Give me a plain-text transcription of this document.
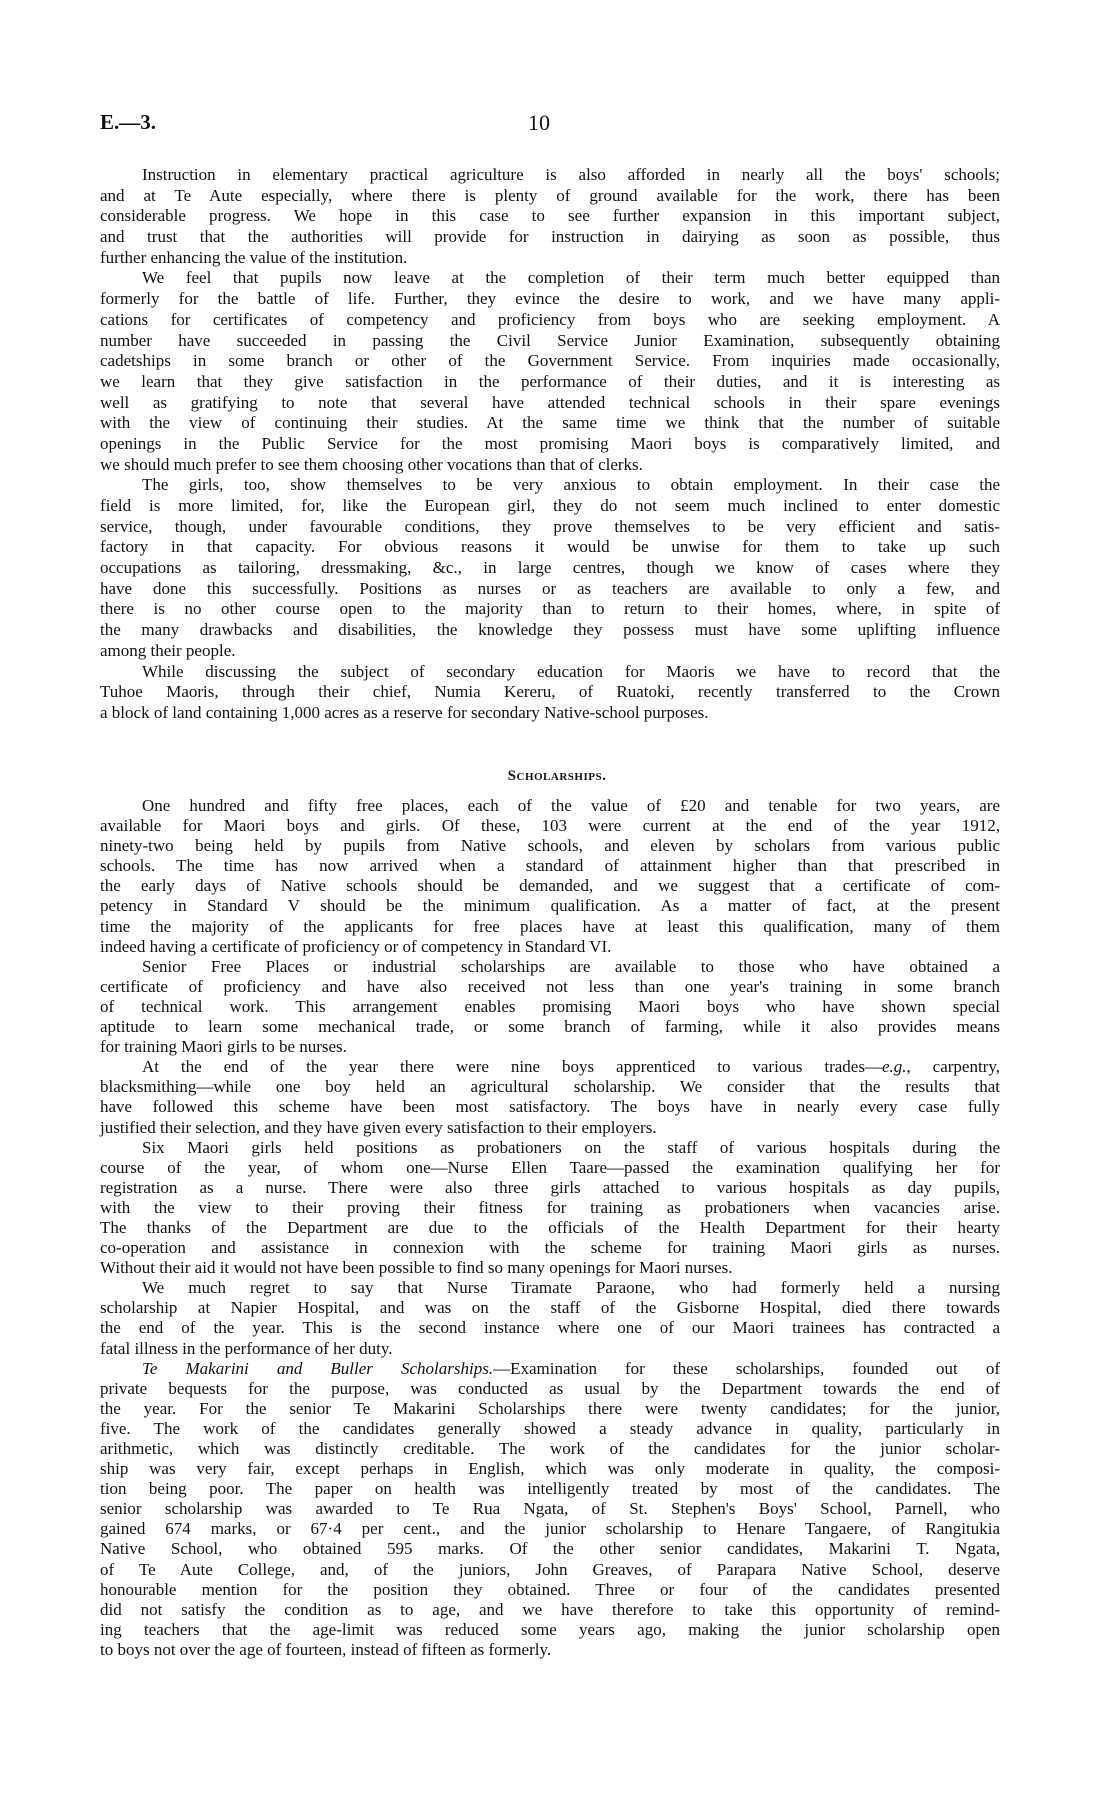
E.—3.	10
Instruction in elementary practical agriculture is also afforded in nearly all the boys' schools;
and at Te Aute especially, where there is plenty of ground available for the work, there has been
considerable progress. We hope in this case to see further expansion in this important subject,
and trust that the authorities will provide for instruction in dairying as soon as possible, thus
further enhancing the value of the institution.
We feel that pupils now leave at the completion of their term much better equipped than
formerly for the battle of life. Further, they evince the desire to work, and we have many appli-
cations for certificates of competency and proficiency from boys who are seeking employment. A
number have succeeded in passing the Civil Service Junior Examination, subsequently obtaining
cadetships in some branch or other of the Government Service. From inquiries made occasionally,
we learn that they give satisfaction in the performance of their duties, and it is interesting as
well as gratifying to note that several have attended technical schools in their spare evenings
with the view of continuing their studies. At the same time we think that the number of suitable
openings in the Public Service for the most promising Maori boys is comparatively limited, and
we should much prefer to see them choosing other vocations than that of clerks.
The girls, too, show themselves to be very anxious to obtain employment. In their case the
field is more limited, for, like the European girl, they do not seem much inclined to enter domestic
service, though, under favourable conditions, they prove themselves to be very efficient and satis-
factory in that capacity. For obvious reasons it would be unwise for them to take up such
occupations as tailoring, dressmaking, &c., in large centres, though we know of cases where they
have done this successfully. Positions as nurses or as teachers are available to only a few, and
there is no other course open to the majority than to return to their homes, where, in spite of
the many drawbacks and disabilities, the knowledge they possess must have some uplifting influence
among their people.
While discussing the subject of secondary education for Maoris we have to record that the
Tuhoe Maoris, through their chief, Numia Kereru, of Ruatoki, recently transferred to the Crown
a block of land containing 1,000 acres as a reserve for secondary Native-school purposes.
Scholarships.
One hundred and fifty free places, each of the value of £20 and tenable for two years, are
available for Maori boys and girls. Of these, 103 were current at the end of the year 1912,
ninety-two being held by pupils from Native schools, and eleven by scholars from various public
schools. The time has now arrived when a standard of attainment higher than that prescribed in
the early days of Native schools should be demanded, and we suggest that a certificate of com-
petency in Standard V should be the minimum qualification. As a matter of fact, at the present
time the majority of the applicants for free places have at least this qualification, many of them
indeed having a certificate of proficiency or of competency in Standard VI.
Senior Free Places or industrial scholarships are available to those who have obtained a
certificate of proficiency and have also received not less than one year's training in some branch
of technical work. This arrangement enables promising Maori boys who have shown special
aptitude to learn some mechanical trade, or some branch of farming, while it also provides means
for training Maori girls to be nurses.
At the end of the year there were nine boys apprenticed to various trades—e.g., carpentry,
blacksmithing—while one boy held an agricultural scholarship. We consider that the results that
have followed this scheme have been most satisfactory. The boys have in nearly every case fully
justified their selection, and they have given every satisfaction to their employers.
Six Maori girls held positions as probationers on the staff of various hospitals during the
course of the year, of whom one—Nurse Ellen Taare—passed the examination qualifying her for
registration as a nurse. There were also three girls attached to various hospitals as day pupils,
with the view to their proving their fitness for training as probationers when vacancies arise.
The thanks of the Department are due to the officials of the Health Department for their hearty
co-operation and assistance in connexion with the scheme for training Maori girls as nurses.
Without their aid it would not have been possible to find so many openings for Maori nurses.
We much regret to say that Nurse Tiramate Paraone, who had formerly held a nursing
scholarship at Napier Hospital, and was on the staff of the Gisborne Hospital, died there towards
the end of the year. This is the second instance where one of our Maori trainees has contracted a
fatal illness in the performance of her duty.
Te Makarini and Buller Scholarships.—Examination for these scholarships, founded out of
private bequests for the purpose, was conducted as usual by the Department towards the end of
the year. For the senior Te Makarini Scholarships there were twenty candidates; for the junior,
five. The work of the candidates generally showed a steady advance in quality, particularly in
arithmetic, which was distinctly creditable. The work of the candidates for the junior scholar-
ship was very fair, except perhaps in English, which was only moderate in quality, the composi-
tion being poor. The paper on health was intelligently treated by most of the candidates. The
senior scholarship was awarded to Te Rua Ngata, of St. Stephen's Boys' School, Parnell, who
gained 674 marks, or 67·4 per cent., and the junior scholarship to Henare Tangaere, of Rangitukia
Native School, who obtained 595 marks. Of the other senior candidates, Makarini T. Ngata,
of Te Aute College, and, of the juniors, John Greaves, of Parapara Native School, deserve
honourable mention for the position they obtained. Three or four of the candidates presented
did not satisfy the condition as to age, and we have therefore to take this opportunity of remind-
ing teachers that the age-limit was reduced some years ago, making the junior scholarship open
to boys not over the age of fourteen, instead of fifteen as formerly.
